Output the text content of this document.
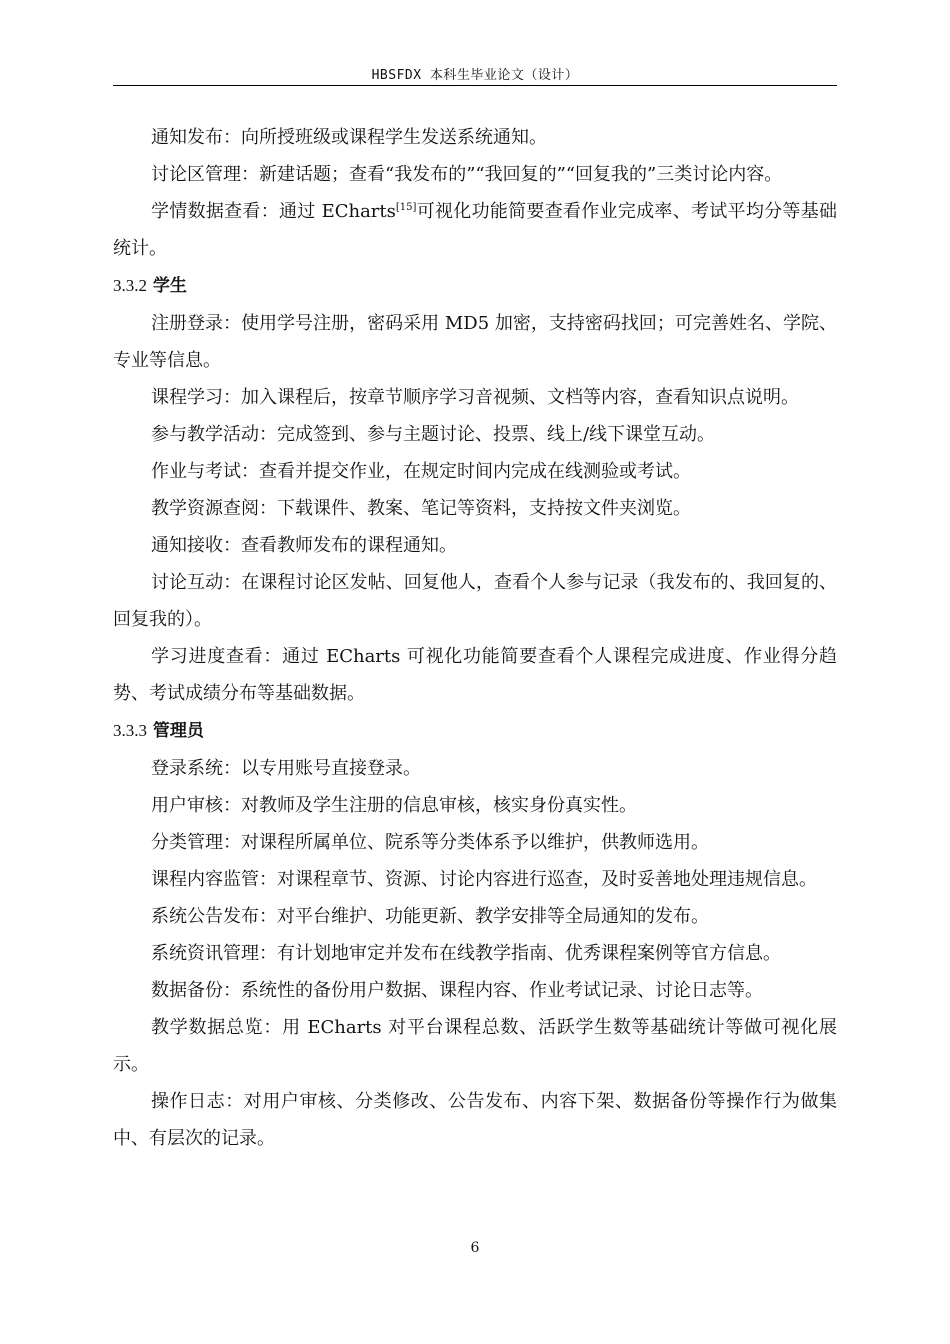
HBSFDX 本科生毕业论文（设计）

通知发布：向所授班级或课程学生发送系统通知。

讨论区管理：新建话题；查看“我发布的”“我回复的”“回复我的”三类讨论内容。

学情数据查看：通过 ECharts[15]可视化功能简要查看作业完成率、考试平均分等基础统计。

3.3.2 学生

注册登录：使用学号注册，密码采用 MD5 加密，支持密码找回；可完善姓名、学院、专业等信息。

课程学习：加入课程后，按章节顺序学习音视频、文档等内容，查看知识点说明。

参与教学活动：完成签到、参与主题讨论、投票、线上/线下课堂互动。

作业与考试：查看并提交作业，在规定时间内完成在线测验或考试。

教学资源查阅：下载课件、教案、笔记等资料，支持按文件夹浏览。

通知接收：查看教师发布的课程通知。

讨论互动：在课程讨论区发帖、回复他人，查看个人参与记录（我发布的、我回复的、回复我的）。

学习进度查看：通过 ECharts 可视化功能简要查看个人课程完成进度、作业得分趋势、考试成绩分布等基础数据。

3.3.3 管理员

登录系统：以专用账号直接登录。

用户审核：对教师及学生注册的信息审核，核实身份真实性。

分类管理：对课程所属单位、院系等分类体系予以维护，供教师选用。

课程内容监管：对课程章节、资源、讨论内容进行巡查，及时妥善地处理违规信息。

系统公告发布：对平台维护、功能更新、教学安排等全局通知的发布。

系统资讯管理：有计划地审定并发布在线教学指南、优秀课程案例等官方信息。

数据备份：系统性的备份用户数据、课程内容、作业考试记录、讨论日志等。

教学数据总览：用 ECharts 对平台课程总数、活跃学生数等基础统计等做可视化展示。

操作日志：对用户审核、分类修改、公告发布、内容下架、数据备份等操作行为做集中、有层次的记录。

6
